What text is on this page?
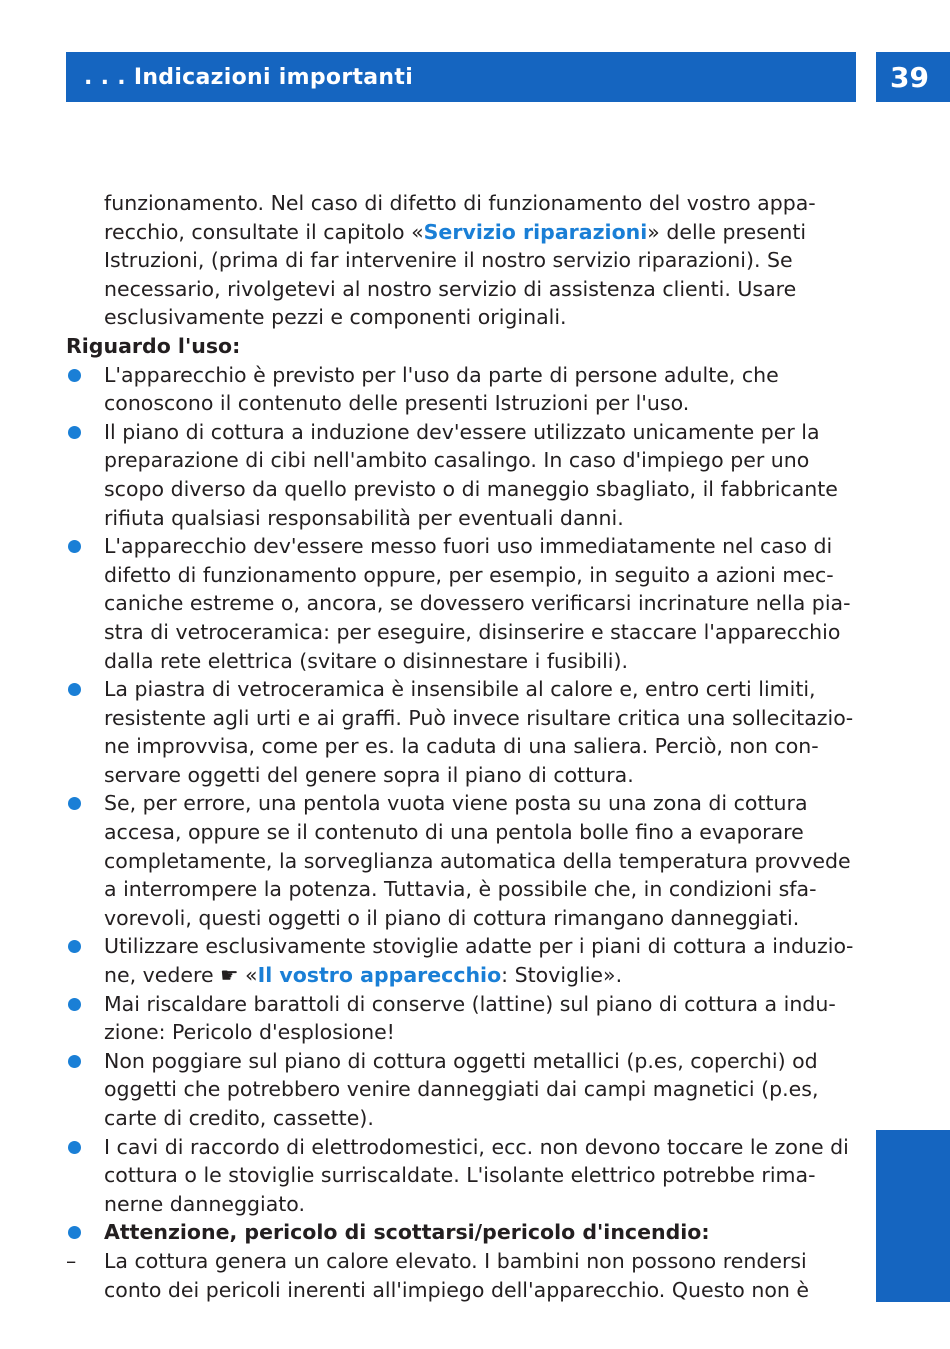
. . . Indicazioni importanti	39

funzionamento. Nel caso di difetto di funzionamento del vostro apparecchio, consultate il capitolo «Servizio riparazioni» delle presenti Istruzioni, (prima di far intervenire il nostro servizio riparazioni). Se necessario, rivolgetevi al nostro servizio di assistenza clienti. Usare esclusivamente pezzi e componenti originali.

Riguardo l'uso:

L'apparecchio è previsto per l'uso da parte di persone adulte, che conoscono il contenuto delle presenti Istruzioni per l'uso.
Il piano di cottura a induzione dev'essere utilizzato unicamente per la preparazione di cibi nell'ambito casalingo. In caso d'impiego per uno scopo diverso da quello previsto o di maneggio sbagliato, il fabbricante rifiuta qualsiasi responsabilità per eventuali danni.
L'apparecchio dev'essere messo fuori uso immediatamente nel caso di difetto di funzionamento oppure, per esempio, in seguito a azioni meccaniche estreme o, ancora, se dovessero verificarsi incrinature nella piastra di vetroceramica: per eseguire, disinserire e staccare l'apparecchio dalla rete elettrica (svitare o disinnestare i fusibili).
La piastra di vetroceramica è insensibile al calore e, entro certi limiti, resistente agli urti e ai graffi. Può invece risultare critica una sollecitazione improvvisa, come per es. la caduta di una saliera. Perciò, non conservare oggetti del genere sopra il piano di cottura.
Se, per errore, una pentola vuota viene posta su una zona di cottura accesa, oppure se il contenuto di una pentola bolle fino a evaporare completamente, la sorveglianza automatica della temperatura provvede a interrompere la potenza. Tuttavia, è possibile che, in condizioni sfavorevoli, questi oggetti o il piano di cottura rimangano danneggiati.
Utilizzare esclusivamente stoviglie adatte per i piani di cottura a induzione, vedere ☛ «Il vostro apparecchio: Stoviglie».
Mai riscaldare barattoli di conserve (lattine) sul piano di cottura a induzione: Pericolo d'esplosione!
Non poggiare sul piano di cottura oggetti metallici (p.es, coperchi) od oggetti che potrebbero venire danneggiati dai campi magnetici (p.es, carte di credito, cassette).
I cavi di raccordo di elettrodomestici, ecc. non devono toccare le zone di cottura o le stoviglie surriscaldate. L'isolante elettrico potrebbe rimanerne danneggiato.
Attenzione, pericolo di scottarsi/pericolo d'incendio:
–	La cottura genera un calore elevato. I bambini non possono rendersi conto dei pericoli inerenti all'impiego dell'apparecchio. Questo non è
